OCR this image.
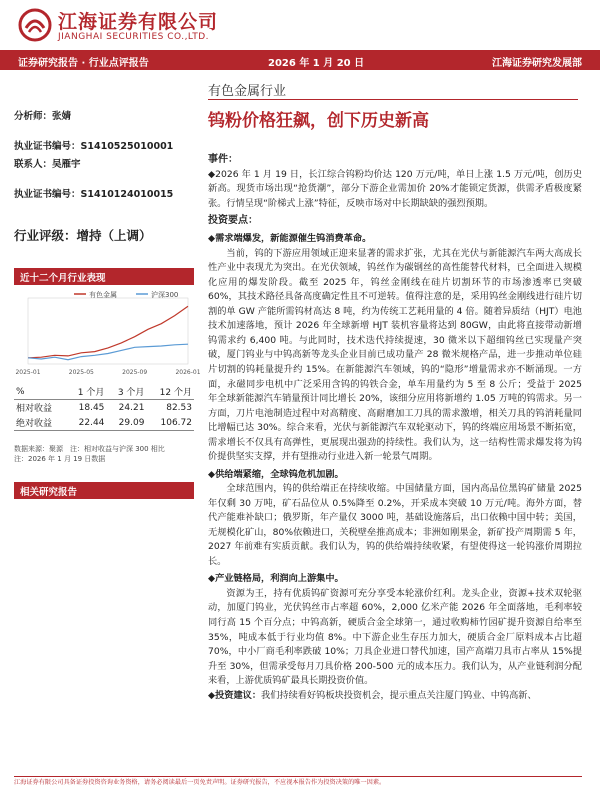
江海证券有限公司
JIANGHAI SECURITIES CO.,LTD.
证券研究报告 · 行业点评报告	2026 年 1 月 20 日	江海证券研究发展部
有色金属行业
钨粉价格狂飙，创下历史新高
分析师：张婧
执业证书编号：S1410525010001
联系人：吴雁宇
执业证书编号：S1410124010015
行业评级：增持（上调）
近十二个月行业表现
有色金属	沪深300
2025-01	2025-05	2025-09	2026-01
%	1 个月	3 个月	12 个月
相对收益	18.45	24.21	82.53
绝对收益	22.44	29.09	106.72
数据来源：聚源　注：相对收益与沪深 300 相比
注：2026 年 1 月 19 日数据
相关研究报告
事件：

◆2026 年 1 月 19 日，长江综合钨粉均价达 120 万元/吨，单日上涨 1.5 万元/吨，创历史新高。现货市场出现“抢货潮”，部分下游企业需加价 20%才能锁定货源，供需矛盾极度紧张。行情呈现“阶梯式上涨”特征，反映市场对中长期缺缺的强烈预期。

投资要点：

◆需求端爆发，新能源催生钨消费革命。

当前，钨的下游应用领域正迎来显著的需求扩张，尤其在光伏与新能源汽车两大高成长性产业中表现尤为突出。在光伏领域，钨丝作为碳钢丝的高性能替代材料，已全面进入规模化应用的爆发阶段。截至 2025 年，钨丝金刚线在硅片切割环节的市场渗透率已突破 60%，其技术路径具备高度确定性且不可逆转。值得注意的是，采用钨丝金刚线进行硅片切割的单 GW 产能所需钨材高达 8 吨，约为传统工艺耗用量的 4 倍。随着异质结（HJT）电池技术加速落地，预计 2026 年全球新增 HJT 装机容量将达到 80GW，由此将直接带动新增钨需求约 6,400 吨。与此同时，技术迭代持续提速，30 微米以下超细钨丝已实现量产突破，厦门钨业与中钨高新等龙头企业目前已成功量产 28 微米规格产品，进一步推动单位硅片切割的钨耗量提升约 15%。在新能源汽车领域，钨的“隐形”增量需求亦不断涌现。一方面，永磁同步电机中广泛采用含钨的钨铁合金，单车用量约为 5 至 8 公斤；受益于 2025 年全球新能源汽车销量预计同比增长 20%，该细分应用将新增约 1.05 万吨的钨需求。另一方面，刀片电池制造过程中对高精度、高耐磨加工刀具的需求激增，相关刀具的钨消耗量同比增幅已达 30%。综合来看，光伏与新能源汽车双轮驱动下，钨的终端应用场景不断拓宽，需求增长不仅具有高弹性，更展现出强劲的持续性。我们认为，这一结构性需求爆发将为钨价提供坚实支撑，并有望推动行业进入新一轮景气周期。

◆供给端紧缩，全球钨危机加剧。

全球范围内，钨的供给端正在持续收缩。中国储量方面，国内高品位黑钨矿储量 2025 年仅剩 30 万吨，矿石品位从 0.5%降至 0.2%，开采成本突破 10 万元/吨。海外方面，替代产能难补缺口；俄罗斯，年产量仅 3000 吨，基础设施落后，出口依赖中国中转；美国，无规模化矿山，80%依赖进口，关税壁垒推高成本；非洲如刚果金，新矿投产周期需 5 年，2027 年前难有实质贡献。我们认为，钨的供给端持续收紧，有望使得这一轮钨涨价周期拉长。

◆产业链格局，利润向上游集中。

资源为王，持有优质钨矿资源可充分享受本轮涨价红利。龙头企业，资源+技术双轮驱动，加厦门钨业，光伏钨丝市占率超 60%，2,000 亿米产能 2026 年全面落地，毛利率较同行高 15 个百分点；中钨高新，硬质合金全球第一，通过收购柿竹园矿提升资源自给率至 35%，吨成本低于行业均值 8%。中下游企业生存压力加大，硬质合金厂原料成本占比超 70%，中小厂商毛利率跌破 10%；刀具企业进口替代加速，国产高端刀具市占率从 15%提升至 30%，但需承受每月刀具价格 200-500 元的成本压力。我们认为，从产业链利润分配来看，上游优质钨矿最具长期投资价值。

◆投资建议：我们持续看好钨板块投资机会，提示重点关注厦门钨业、中钨高新、

江海证券有限公司具备证券投资咨询业务资格，请务必阅读最后一页免责声明。证券研究报告，不应视本报告作为投资决策的唯一因素。
